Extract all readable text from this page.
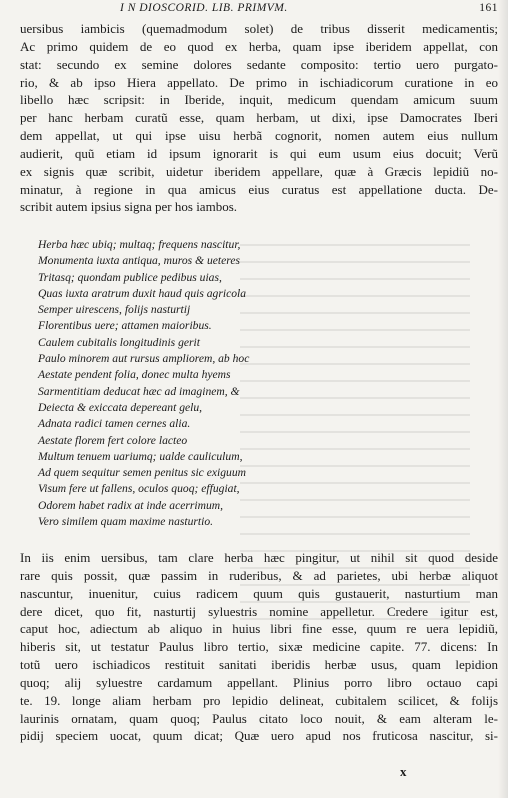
I N DIOSCORID. LIB. PRIMVM.	161
uersibus iambicis (quemadmodum solet) de tribus disserit medicamentis;
Ac primo quidem de eo quod ex herba, quam ipse iberidem appellat, con
stat: secundo ex semine dolores sedante composito: tertio uero purgato-
rio, & ab ipso Hiera appellato. De primo in ischiadicorum curatione in eo
libello hæc scripsit: in Iberide, inquit, medicum quendam amicum suum
per hanc herbam curatũ esse, quam herbam, ut dixi, ipse Damocrates Iberi
dem appellat, ut qui ipse uisu herbã cognorit, nomen autem eius nullum
audierit, quũ etiam id ipsum ignorarit is qui eum usum eius docuit; Verũ
ex signis quæ scribit, uidetur iberidem appellare, quæ à Græcis lepidiũ no-
minatur, à regione in qua amicus eius curatus est appellatione ducta. De-
scribit autem ipsius signa per hos iambos.
Herba hæc ubiq; multaq; frequens nascitur,
Monumenta iuxta antiqua, muros & ueteres
Tritasq; quondam publice pedibus uias,
Quas iuxta aratrum duxit haud quis agricola
Semper uirescens, folijs nasturtij
Florentibus uere; attamen maioribus.
Caulem cubitalis longitudinis gerit
Paulo minorem aut rursus ampliorem, ab hoc
Aestate pendent folia, donec multa hyems
Sarmentitiam deducat hæc ad imaginem, &
Deiecta & exiccata depereant gelu,
Adnata radici tamen cernes alia.
Aestate florem fert colore lacteo
Multum tenuem uariumq; ualde cauliculum,
Ad quem sequitur semen penitus sic exiguum
Visum fere ut fallens, oculos quoq; effugiat,
Odorem habet radix at inde acerrimum,
Vero similem quam maxime nasturtio.
In iis enim uersibus, tam clare herba hæc pingitur, ut nihil sit quod deside
rare quis possit, quæ passim in ruderibus, & ad parietes, ubi herbæ aliquot
nascuntur, inuenitur, cuius radicem quum quis gustauerit, nasturtium man
dere dicet, quo fit, nasturtij syluestris nomine appelletur. Credere igitur est,
caput hoc, adiectum ab aliquo in huius libri fine esse, quum re uera lepidiũ,
hiberis sit, ut testatur Paulus libro tertio, sixæ medicine capite. 77. dicens: In
totũ uero ischiadicos restituit sanitati iberidis herbæ usus, quam lepidion
quoq; alij syluestre cardamum appellant. Plinius porro libro octauo capi
te. 19. longe aliam herbam pro lepidio delineat, cubitalem scilicet, & folijs
laurinis ornatam, quam quoq; Paulus citato loco nouit, & eam alteram le-
pidij speciem uocat, quum dicat; Quæ uero apud nos fruticosa nascitur, si-
x
